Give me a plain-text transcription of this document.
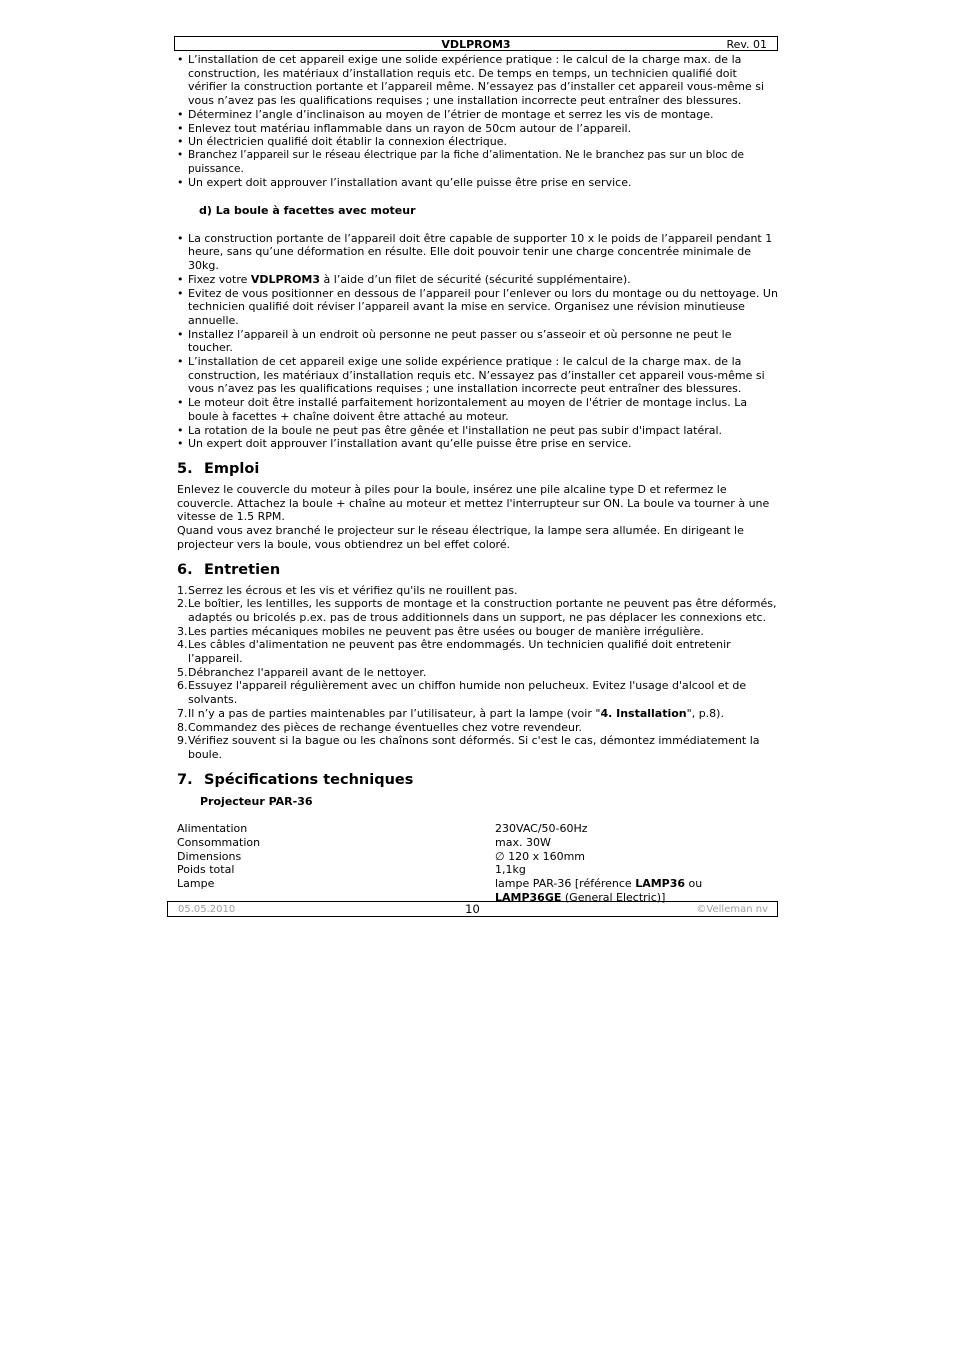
VDLPROM3	Rev. 01
• L’installation de cet appareil exige une solide expérience pratique : le calcul de la charge max. de la construction, les matériaux d’installation requis etc. De temps en temps, un technicien qualifié doit vérifier la construction portante et l’appareil même. N’essayez pas d’installer cet appareil vous-même si vous n’avez pas les qualifications requises ; une installation incorrecte peut entraîner des blessures.
• Déterminez l’angle d’inclinaison au moyen de l’étrier de montage et serrez les vis de montage.
• Enlevez tout matériau inflammable dans un rayon de 50cm autour de l’appareil.
• Un électricien qualifié doit établir la connexion électrique.
• Branchez l’appareil sur le réseau électrique par la fiche d’alimentation. Ne le branchez pas sur un bloc de puissance.
• Un expert doit approuver l’installation avant qu’elle puisse être prise en service.
d) La boule à facettes avec moteur
• La construction portante de l’appareil doit être capable de supporter 10 x le poids de l’appareil pendant 1 heure, sans qu’une déformation en résulte. Elle doit pouvoir tenir une charge concentrée minimale de 30kg.
• Fixez votre VDLPROM3 à l’aide d’un filet de sécurité (sécurité supplémentaire).
• Evitez de vous positionner en dessous de l’appareil pour l’enlever ou lors du montage ou du nettoyage. Un technicien qualifié doit réviser l’appareil avant la mise en service. Organisez une révision minutieuse annuelle.
• Installez l’appareil à un endroit où personne ne peut passer ou s’asseoir et où personne ne peut le toucher.
• L’installation de cet appareil exige une solide expérience pratique : le calcul de la charge max. de la construction, les matériaux d’installation requis etc. N’essayez pas d’installer cet appareil vous-même si vous n’avez pas les qualifications requises ; une installation incorrecte peut entraîner des blessures.
• Le moteur doit être installé parfaitement horizontalement au moyen de l'étrier de montage inclus. La boule à facettes + chaîne doivent être attaché au moteur.
• La rotation de la boule ne peut pas être gênée et l'installation ne peut pas subir d'impact latéral.
• Un expert doit approuver l’installation avant qu’elle puisse être prise en service.
5. Emploi

Enlevez le couvercle du moteur à piles pour la boule, insérez une pile alcaline type D et refermez le couvercle. Attachez la boule + chaîne au moteur et mettez l'interrupteur sur ON. La boule va tourner à une vitesse de 1.5 RPM.

Quand vous avez branché le projecteur sur le réseau électrique, la lampe sera allumée. En dirigeant le projecteur vers la boule, vous obtiendrez un bel effet coloré.

6. Entretien
1. Serrez les écrous et les vis et vérifiez qu'ils ne rouillent pas.
2. Le boîtier, les lentilles, les supports de montage et la construction portante ne peuvent pas être déformés, adaptés ou bricolés p.ex. pas de trous additionnels dans un support, ne pas déplacer les connexions etc.
3. Les parties mécaniques mobiles ne peuvent pas être usées ou bouger de manière irrégulière.
4. Les câbles d'alimentation ne peuvent pas être endommagés. Un technicien qualifié doit entretenir l’appareil.
5. Débranchez l'appareil avant de le nettoyer.
6. Essuyez l'appareil régulièrement avec un chiffon humide non pelucheux. Evitez l'usage d'alcool et de solvants.
7. Il n’y a pas de parties maintenables par l’utilisateur, à part la lampe (voir "4. Installation", p.8).
8. Commandez des pièces de rechange éventuelles chez votre revendeur.
9. Vérifiez souvent si la bague ou les chaînons sont déformés. Si c'est le cas, démontez immédiatement la boule.
7. Spécifications techniques
Projecteur PAR-36
Alimentation	230VAC/50-60Hz
Consommation	max. 30W
Dimensions	∅ 120 x 160mm
Poids total	1,1kg
Lampe	lampe PAR-36 [référence LAMP36 ou
LAMP36GE (General Electric)]
05.05.2010	10	©Velleman nv
